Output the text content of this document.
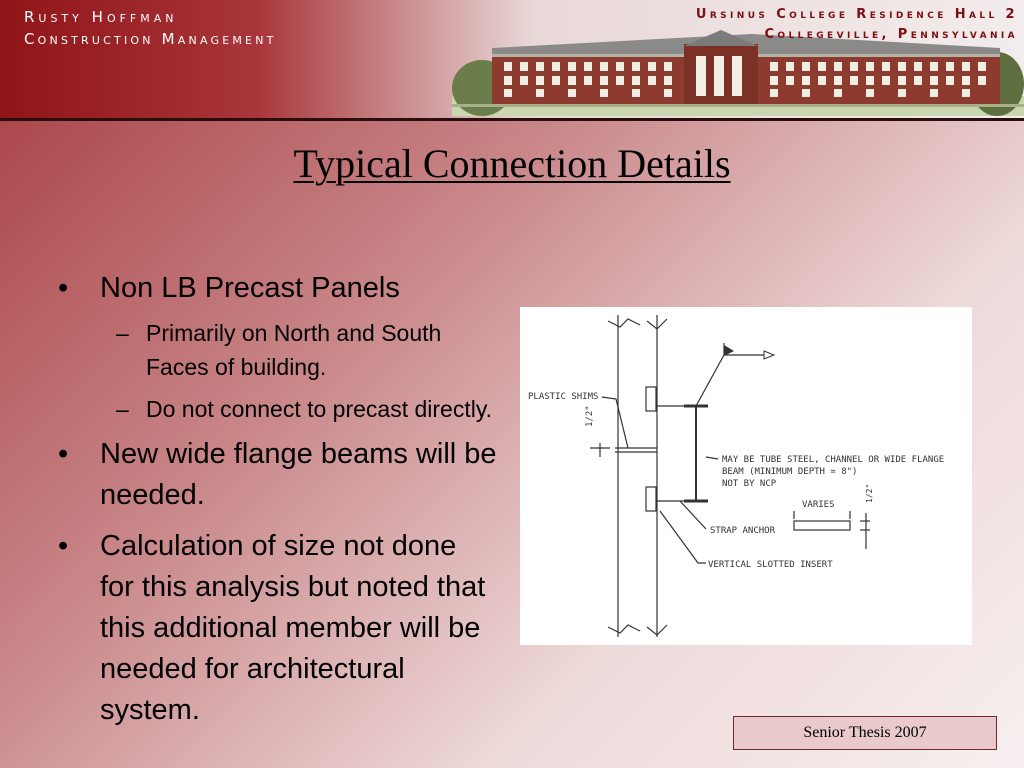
Rusty Hoffman
Construction Management
Ursinus College Residence Hall 2
Collegeville, Pennsylvania
Typical Connection Details
• Non LB Precast Panels
– Primarily on North and South Faces of building.
– Do not connect to precast directly.
• New wide flange beams will be needed.
• Calculation of size not done for this analysis but noted that this additional member will be needed for architectural system.
PLASTIC SHIMS
1/2"
MAY BE TUBE STEEL, CHANNEL OR WIDE FLANGE
BEAM (MINIMUM DEPTH = 8")
NOT BY NCP
VARIES
1/2"
STRAP ANCHOR
VERTICAL SLOTTED INSERT
Senior Thesis 2007
